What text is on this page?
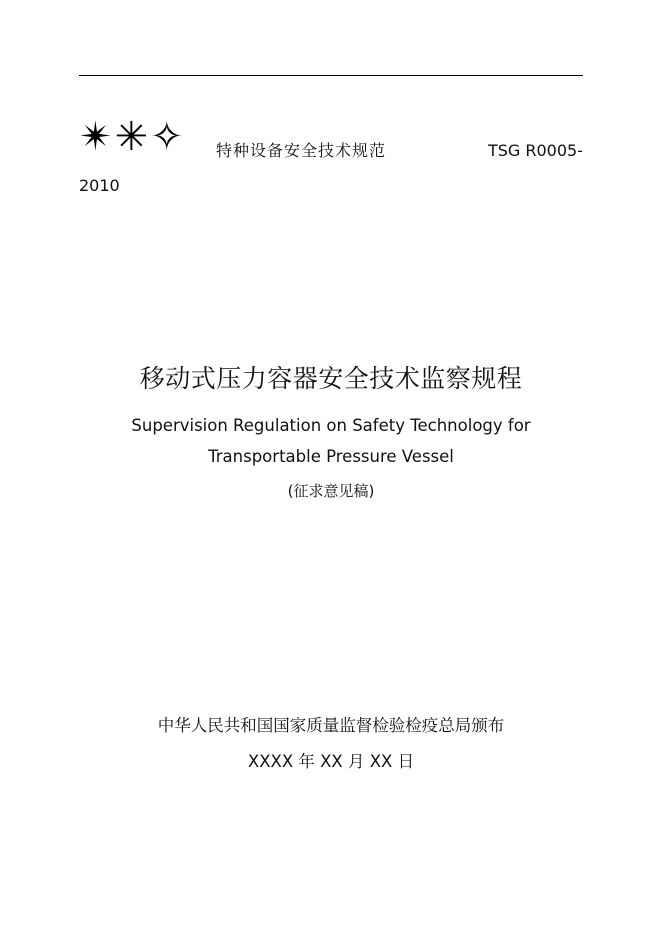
✴✳✧ 特种设备安全技术规范	TSG R0005-
2010
移动式压力容器安全技术监察规程
Supervision Regulation on Safety Technology for
Transportable Pressure Vessel
(征求意见稿)
中华人民共和国国家质量监督检验检疫总局颁布
XXXX 年 XX 月 XX 日
